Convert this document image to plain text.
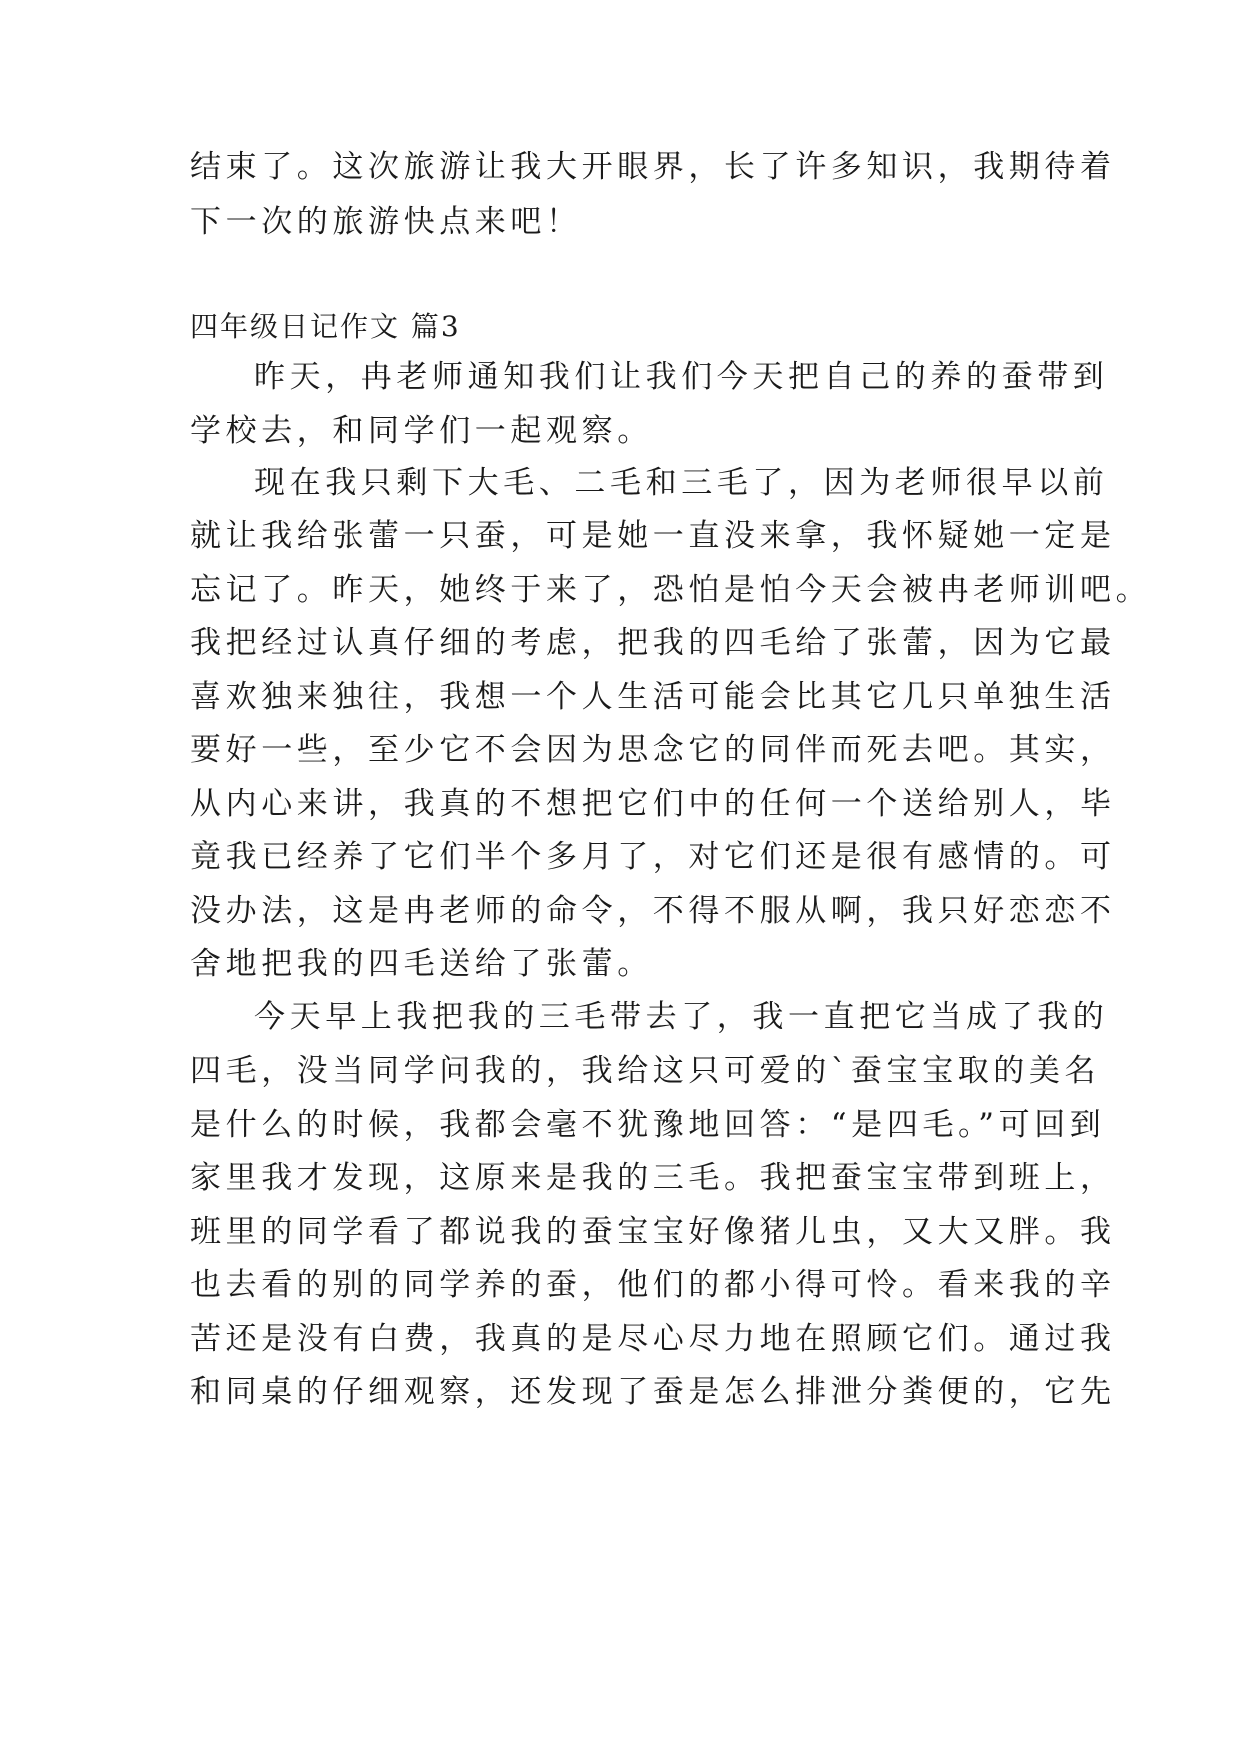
结束了。这次旅游让我大开眼界，长了许多知识，我期待着
下一次的旅游快点来吧！
四年级日记作文 篇3
昨天，冉老师通知我们让我们今天把自己的养的蚕带到
学校去，和同学们一起观察。
现在我只剩下大毛、二毛和三毛了，因为老师很早以前
就让我给张蕾一只蚕，可是她一直没来拿，我怀疑她一定是
忘记了。昨天，她终于来了，恐怕是怕今天会被冉老师训吧。
我把经过认真仔细的考虑，把我的四毛给了张蕾，因为它最
喜欢独来独往，我想一个人生活可能会比其它几只单独生活
要好一些，至少它不会因为思念它的同伴而死去吧。其实，
从内心来讲，我真的不想把它们中的任何一个送给别人，毕
竟我已经养了它们半个多月了，对它们还是很有感情的。可
没办法，这是冉老师的命令，不得不服从啊，我只好恋恋不
舍地把我的四毛送给了张蕾。
今天早上我把我的三毛带去了，我一直把它当成了我的
四毛，没当同学问我的，我给这只可爱的`蚕宝宝取的美名
是什么的时候，我都会毫不犹豫地回答：“是四毛。”可回到
家里我才发现，这原来是我的三毛。我把蚕宝宝带到班上，
班里的同学看了都说我的蚕宝宝好像猪儿虫，又大又胖。我
也去看的别的同学养的蚕，他们的都小得可怜。看来我的辛
苦还是没有白费，我真的是尽心尽力地在照顾它们。通过我
和同桌的仔细观察，还发现了蚕是怎么排泄分粪便的，它先
